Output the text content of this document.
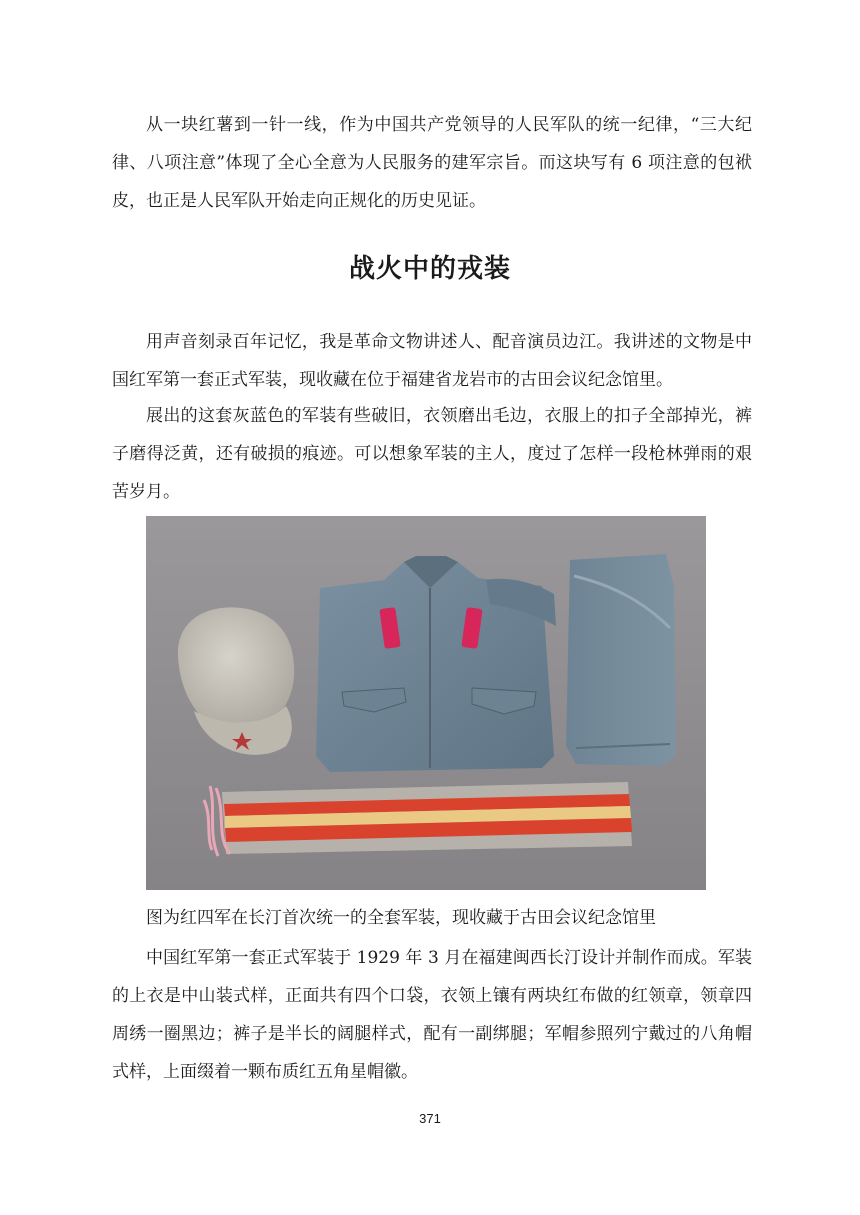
从一块红薯到一针一线，作为中国共产党领导的人民军队的统一纪律，“三大纪律、八项注意”体现了全心全意为人民服务的建军宗旨。而这块写有 6 项注意的包袱皮，也正是人民军队开始走向正规化的历史见证。

战火中的戎装

用声音刻录百年记忆，我是革命文物讲述人、配音演员边江。我讲述的文物是中国红军第一套正式军装，现收藏在位于福建省龙岩市的古田会议纪念馆里。

展出的这套灰蓝色的军装有些破旧，衣领磨出毛边，衣服上的扣子全部掉光，裤子磨得泛黄，还有破损的痕迹。可以想象军装的主人，度过了怎样一段枪林弹雨的艰苦岁月。

图为红四军在长汀首次统一的全套军装，现收藏于古田会议纪念馆里

中国红军第一套正式军装于 1929 年 3 月在福建闽西长汀设计并制作而成。军装的上衣是中山装式样，正面共有四个口袋，衣领上镶有两块红布做的红领章，领章四周绣一圈黑边；裤子是半长的阔腿样式，配有一副绑腿；军帽参照列宁戴过的八角帽式样，上面缀着一颗布质红五角星帽徽。

371
